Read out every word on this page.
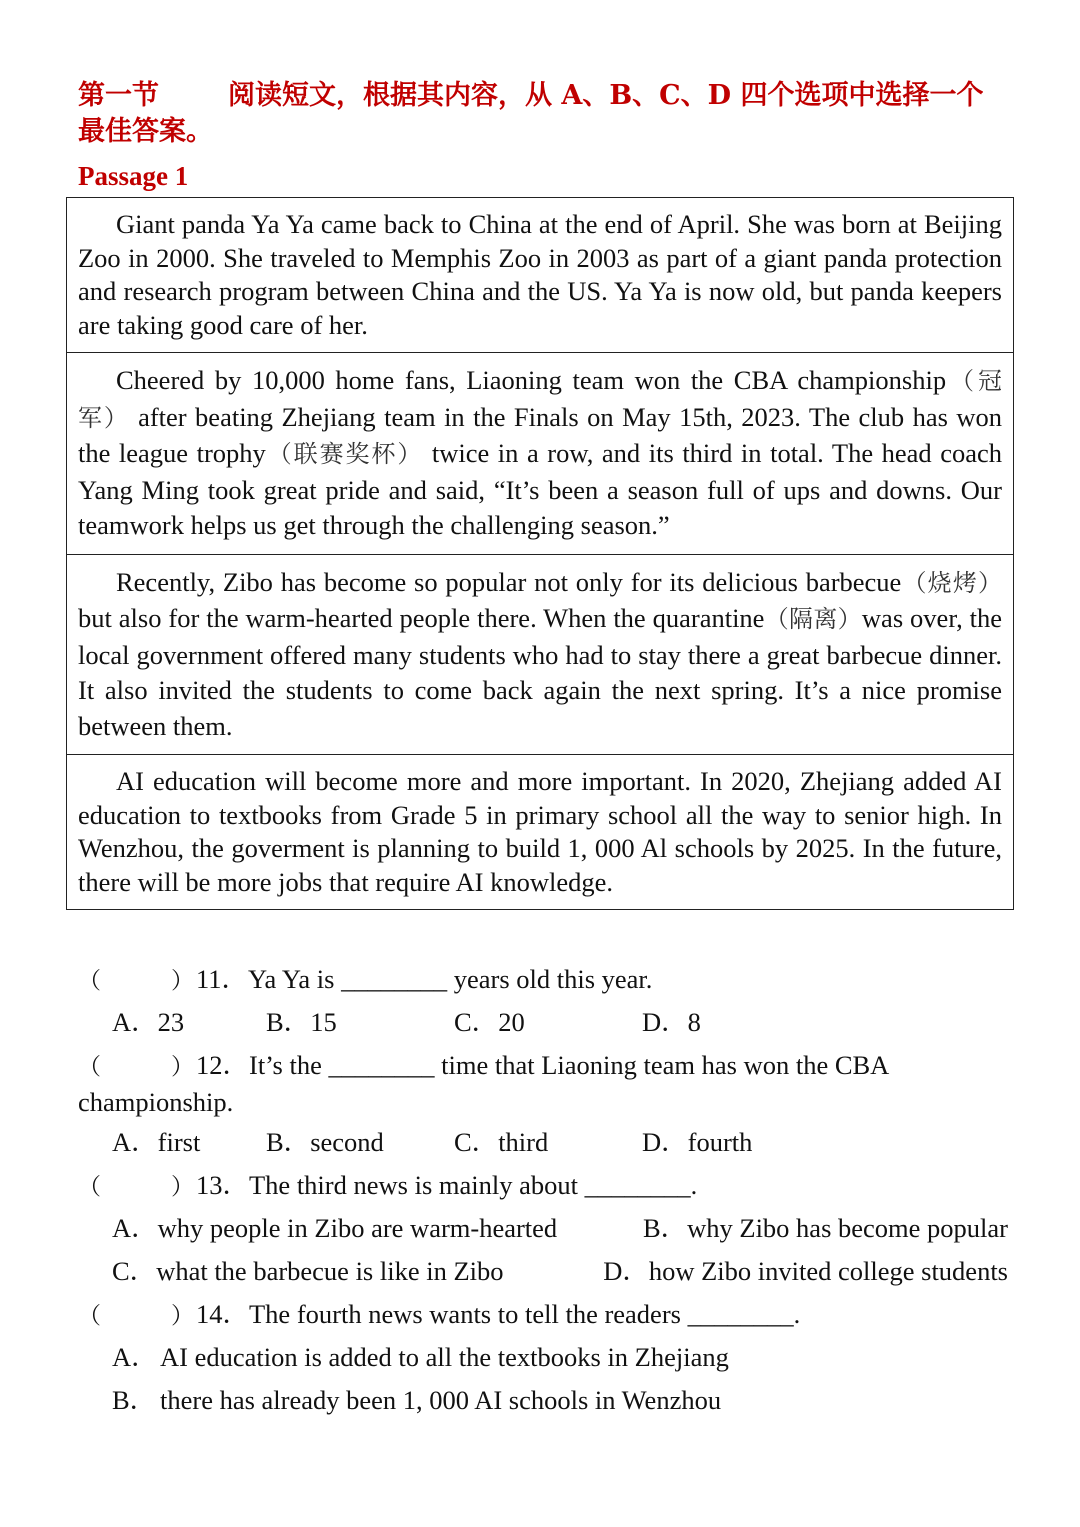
第一节	阅读短文，根据其内容，从 A、B、C、D 四个选项中选择一个最佳答案。

Passage 1

Giant panda Ya Ya came back to China at the end of April. She was born at Beijing Zoo in 2000. She traveled to Memphis Zoo in 2003 as part of a giant panda protection and research program between China and the US. Ya Ya is now old, but panda keepers are taking good care of her.
Cheered by 10,000 home fans, Liaoning team won the CBA championship（冠军） after beating Zhejiang team in the Finals on May 15th, 2023. The club has won the league trophy（联赛奖杯） twice in a row, and its third in total. The head coach Yang Ming took great pride and said, “It’s been a season full of ups and downs. Our teamwork helps us get through the challenging season.”
Recently, Zibo has become so popular not only for its delicious barbecue（烧烤） but also for the warm-hearted people there. When the quarantine（隔离）was over, the local government offered many students who had to stay there a great barbecue dinner. It also invited the students to come back again the next spring. It’s a nice promise between them.
AI education will become more and more important. In 2020, Zhejiang added AI education to textbooks from Grade 5 in primary school all the way to senior high. In Wenzhou, the goverment is planning to build 1, 000 Al schools by 2025. In the future, there will be more jobs that require AI knowledge.
（	）11．Ya Ya is ________ years old this year.
A．23	B．15	C．20	D．8
（	）12．It’s the ________ time that Liaoning team has won the CBA
championship.
A．first B．second	C．third	D．fourth
（	）13．The third news is mainly about ________.
A．why people in Zibo are warm-hearted	B．why Zibo has become popular
C．what the barbecue is like in Zibo	D．how Zibo invited college students
（	）14．The fourth news wants to tell the readers ________.
A．AI education is added to all the textbooks in Zhejiang
B． there has already been 1, 000 AI schools in Wenzhou
